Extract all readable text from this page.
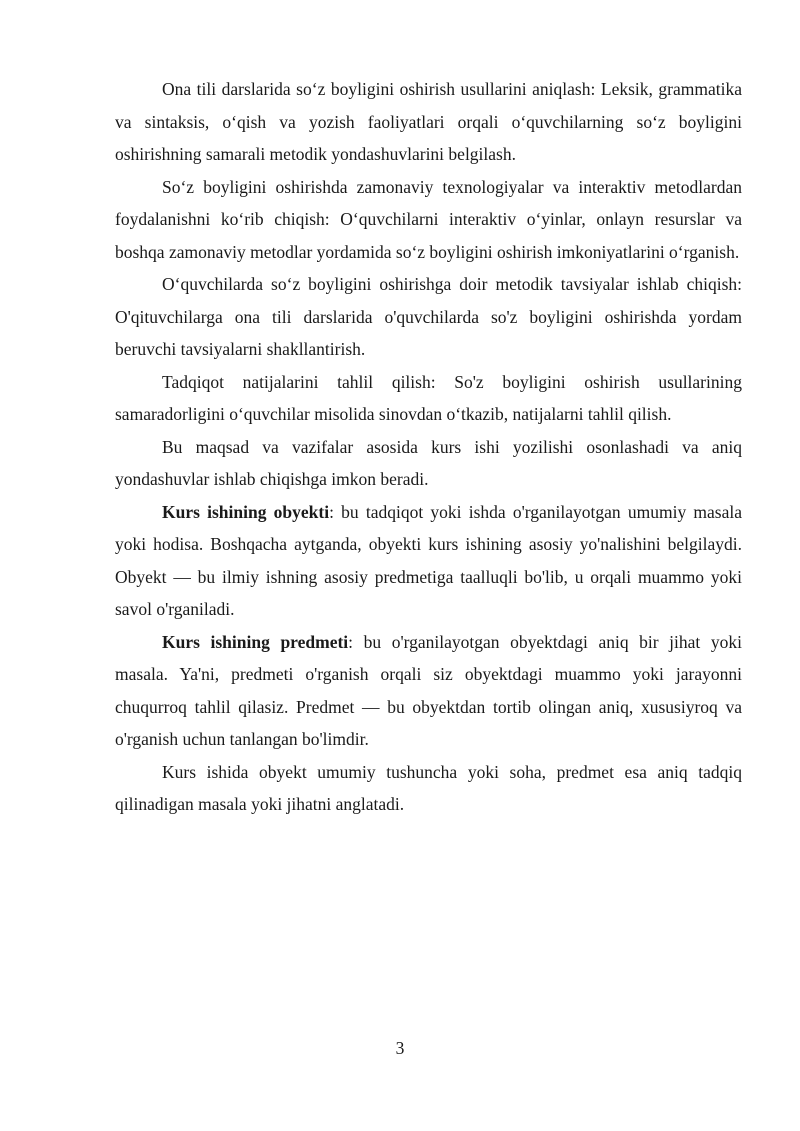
Ona tili darslarida so‘z boyligini oshirish usullarini aniqlash: Leksik, grammatika va sintaksis, o‘qish va yozish faoliyatlari orqali o‘quvchilarning so‘z boyligini oshirishning samarali metodik yondashuvlarini belgilash.

So‘z boyligini oshirishda zamonaviy texnologiyalar va interaktiv metodlardan foydalanishni ko‘rib chiqish: O‘quvchilarni interaktiv o‘yinlar, onlayn resurslar va boshqa zamonaviy metodlar yordamida so‘z boyligini oshirish imkoniyatlarini o‘rganish.

O‘quvchilarda so‘z boyligini oshirishga doir metodik tavsiyalar ishlab chiqish: O'qituvchilarga ona tili darslarida o'quvchilarda so'z boyligini oshirishda yordam beruvchi tavsiyalarni shakllantirish.

Tadqiqot natijalarini tahlil qilish: So'z boyligini oshirish usullarining samaradorligini o‘quvchilar misolida sinovdan o‘tkazib, natijalarni tahlil qilish.

Bu maqsad va vazifalar asosida kurs ishi yozilishi osonlashadi va aniq yondashuvlar ishlab chiqishga imkon beradi.

Kurs ishining obyekti: bu tadqiqot yoki ishda o'rganilayotgan umumiy masala yoki hodisa. Boshqacha aytganda, obyekti kurs ishining asosiy yo'nalishini belgilaydi. Obyekt — bu ilmiy ishning asosiy predmetiga taalluqli bo'lib, u orqali muammo yoki savol o'rganiladi.

Kurs ishining predmeti: bu o'rganilayotgan obyektdagi aniq bir jihat yoki masala. Ya'ni, predmeti o'rganish orqali siz obyektdagi muammo yoki jarayonni chuqurroq tahlil qilasiz. Predmet — bu obyektdan tortib olingan aniq, xususiyroq va o'rganish uchun tanlangan bo'limdir.

Kurs ishida obyekt umumiy tushuncha yoki soha, predmet esa aniq tadqiq qilinadigan masala yoki jihatni anglatadi.

3
